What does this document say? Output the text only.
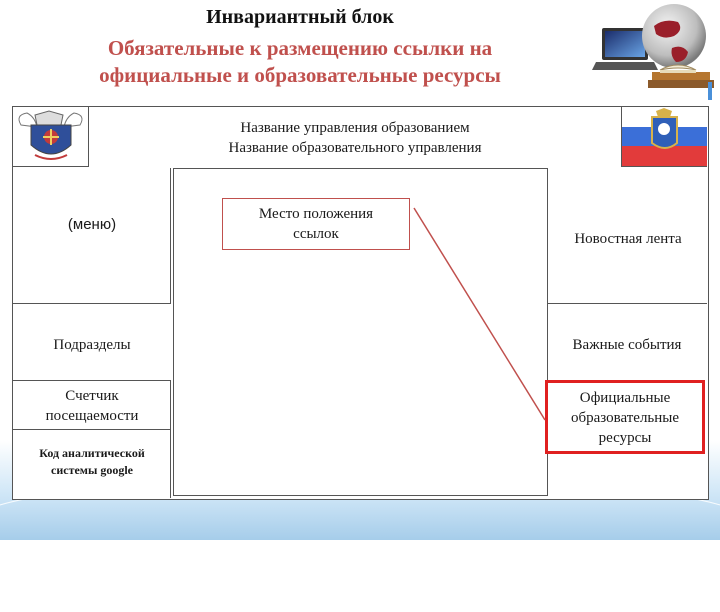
Инвариантный блок
Обязательные к размещению ссылки на
официальные и образовательные ресурсы
Название управления образованием
Название образовательного управления
(меню)
Подразделы
Счетчик
посещаемости
Код аналитической
системы google
Место положения
ссылок	Новостная лента
Важные события
Официальные
образовательные
ресурсы
